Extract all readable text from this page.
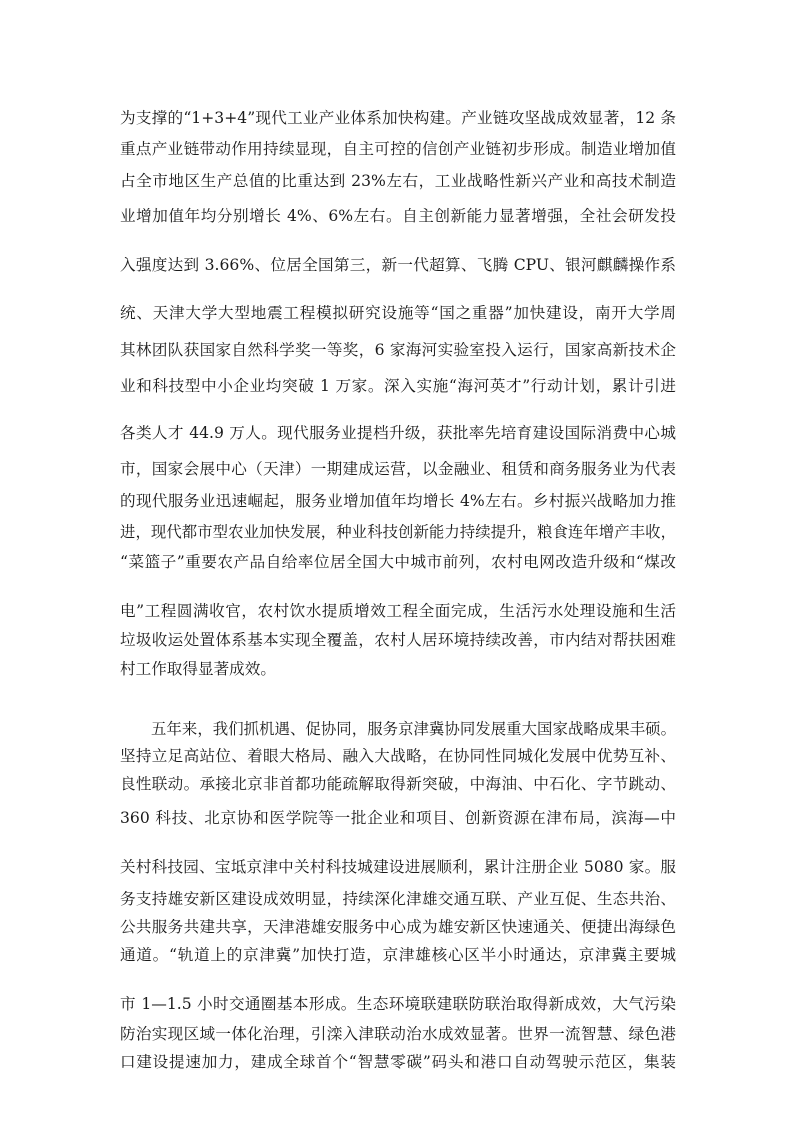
为支撑的“1+3+4”现代工业产业体系加快构建。产业链攻坚战成效显著，12 条
重点产业链带动作用持续显现，自主可控的信创产业链初步形成。制造业增加值
占全市地区生产总值的比重达到 23%左右，工业战略性新兴产业和高技术制造
业增加值年均分别增长 4%、6%左右。自主创新能力显著增强，全社会研发投
入强度达到 3.66%、位居全国第三，新一代超算、飞腾 CPU、银河麒麟操作系
统、天津大学大型地震工程模拟研究设施等“国之重器”加快建设，南开大学周
其林团队获国家自然科学奖一等奖，6 家海河实验室投入运行，国家高新技术企
业和科技型中小企业均突破 1 万家。深入实施“海河英才”行动计划，累计引进
各类人才 44.9 万人。现代服务业提档升级，获批率先培育建设国际消费中心城
市，国家会展中心（天津）一期建成运营，以金融业、租赁和商务服务业为代表
的现代服务业迅速崛起，服务业增加值年均增长 4%左右。乡村振兴战略加力推
进，现代都市型农业加快发展，种业科技创新能力持续提升，粮食连年增产丰收，
“菜篮子”重要农产品自给率位居全国大中城市前列，农村电网改造升级和“煤改
电”工程圆满收官，农村饮水提质增效工程全面完成，生活污水处理设施和生活
垃圾收运处置体系基本实现全覆盖，农村人居环境持续改善，市内结对帮扶困难
村工作取得显著成效。
五年来，我们抓机遇、促协同，服务京津冀协同发展重大国家战略成果丰硕。
坚持立足高站位、着眼大格局、融入大战略，在协同性同城化发展中优势互补、
良性联动。承接北京非首都功能疏解取得新突破，中海油、中石化、字节跳动、
360 科技、北京协和医学院等一批企业和项目、创新资源在津布局，滨海—中
关村科技园、宝坻京津中关村科技城建设进展顺利，累计注册企业 5080 家。服
务支持雄安新区建设成效明显，持续深化津雄交通互联、产业互促、生态共治、
公共服务共建共享，天津港雄安服务中心成为雄安新区快速通关、便捷出海绿色
通道。“轨道上的京津冀”加快打造，京津雄核心区半小时通达，京津冀主要城
市 1—1.5 小时交通圈基本形成。生态环境联建联防联治取得新成效，大气污染
防治实现区域一体化治理，引滦入津联动治水成效显著。世界一流智慧、绿色港
口建设提速加力，建成全球首个“智慧零碳”码头和港口自动驾驶示范区，集装
